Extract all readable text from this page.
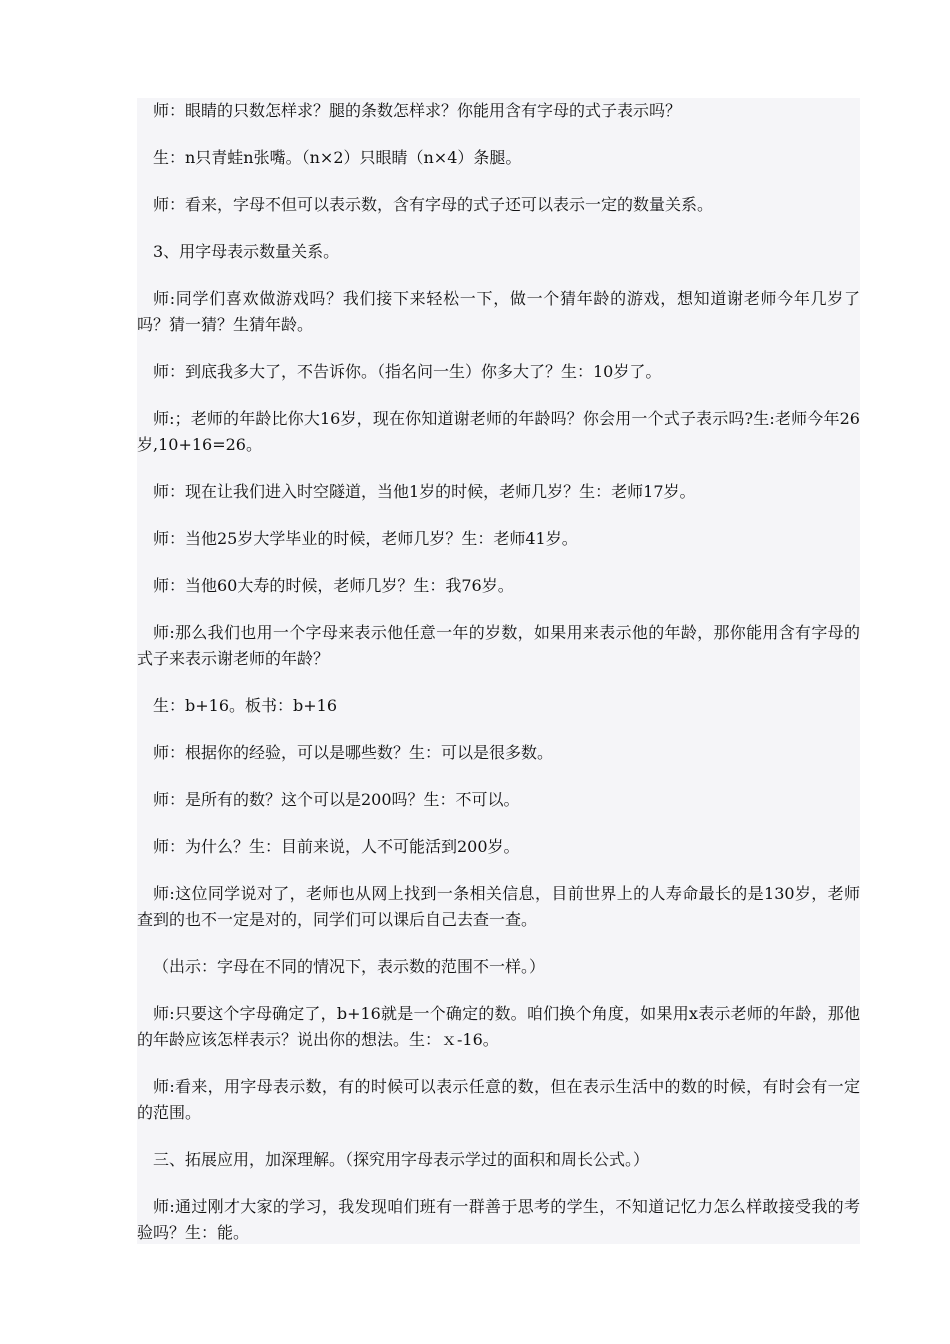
师：眼睛的只数怎样求？腿的条数怎样求？你能用含有字母的式子表示吗？

生：n只青蛙n张嘴。（n×2）只眼睛（n×4）条腿。

师：看来，字母不但可以表示数，含有字母的式子还可以表示一定的数量关系。

3、用字母表示数量关系。

师:同学们喜欢做游戏吗？我们接下来轻松一下，做一个猜年龄的游戏，想知道谢老师今年几岁了吗？猜一猜？生猜年龄。

师：到底我多大了，不告诉你。（指名问一生）你多大了？生：10岁了。

师:；老师的年龄比你大16岁，现在你知道谢老师的年龄吗？你会用一个式子表示吗?生:老师今年26岁,10+16=26。

师：现在让我们进入时空隧道，当他1岁的时候，老师几岁？生：老师17岁。

师：当他25岁大学毕业的时候，老师几岁？生：老师41岁。

师：当他60大寿的时候，老师几岁？生：我76岁。

师:那么我们也用一个字母来表示他任意一年的岁数，如果用来表示他的年龄，那你能用含有字母的式子来表示谢老师的年龄？

生：b+16。板书：b+16

师：根据你的经验，可以是哪些数？生：可以是很多数。

师：是所有的数？这个可以是200吗？生：不可以。

师：为什么？生：目前来说，人不可能活到200岁。

师:这位同学说对了，老师也从网上找到一条相关信息，目前世界上的人寿命最长的是130岁，老师查到的也不一定是对的，同学们可以课后自己去查一查。

（出示：字母在不同的情况下，表示数的范围不一样。）

师:只要这个字母确定了，b+16就是一个确定的数。咱们换个角度，如果用x表示老师的年龄，那他的年龄应该怎样表示？说出你的想法。生：ｘ-16。

师:看来，用字母表示数，有的时候可以表示任意的数，但在表示生活中的数的时候，有时会有一定的范围。

三、拓展应用，加深理解。（探究用字母表示学过的面积和周长公式。）

师:通过刚才大家的学习，我发现咱们班有一群善于思考的学生，不知道记忆力怎么样敢接受我的考验吗？生：能。
